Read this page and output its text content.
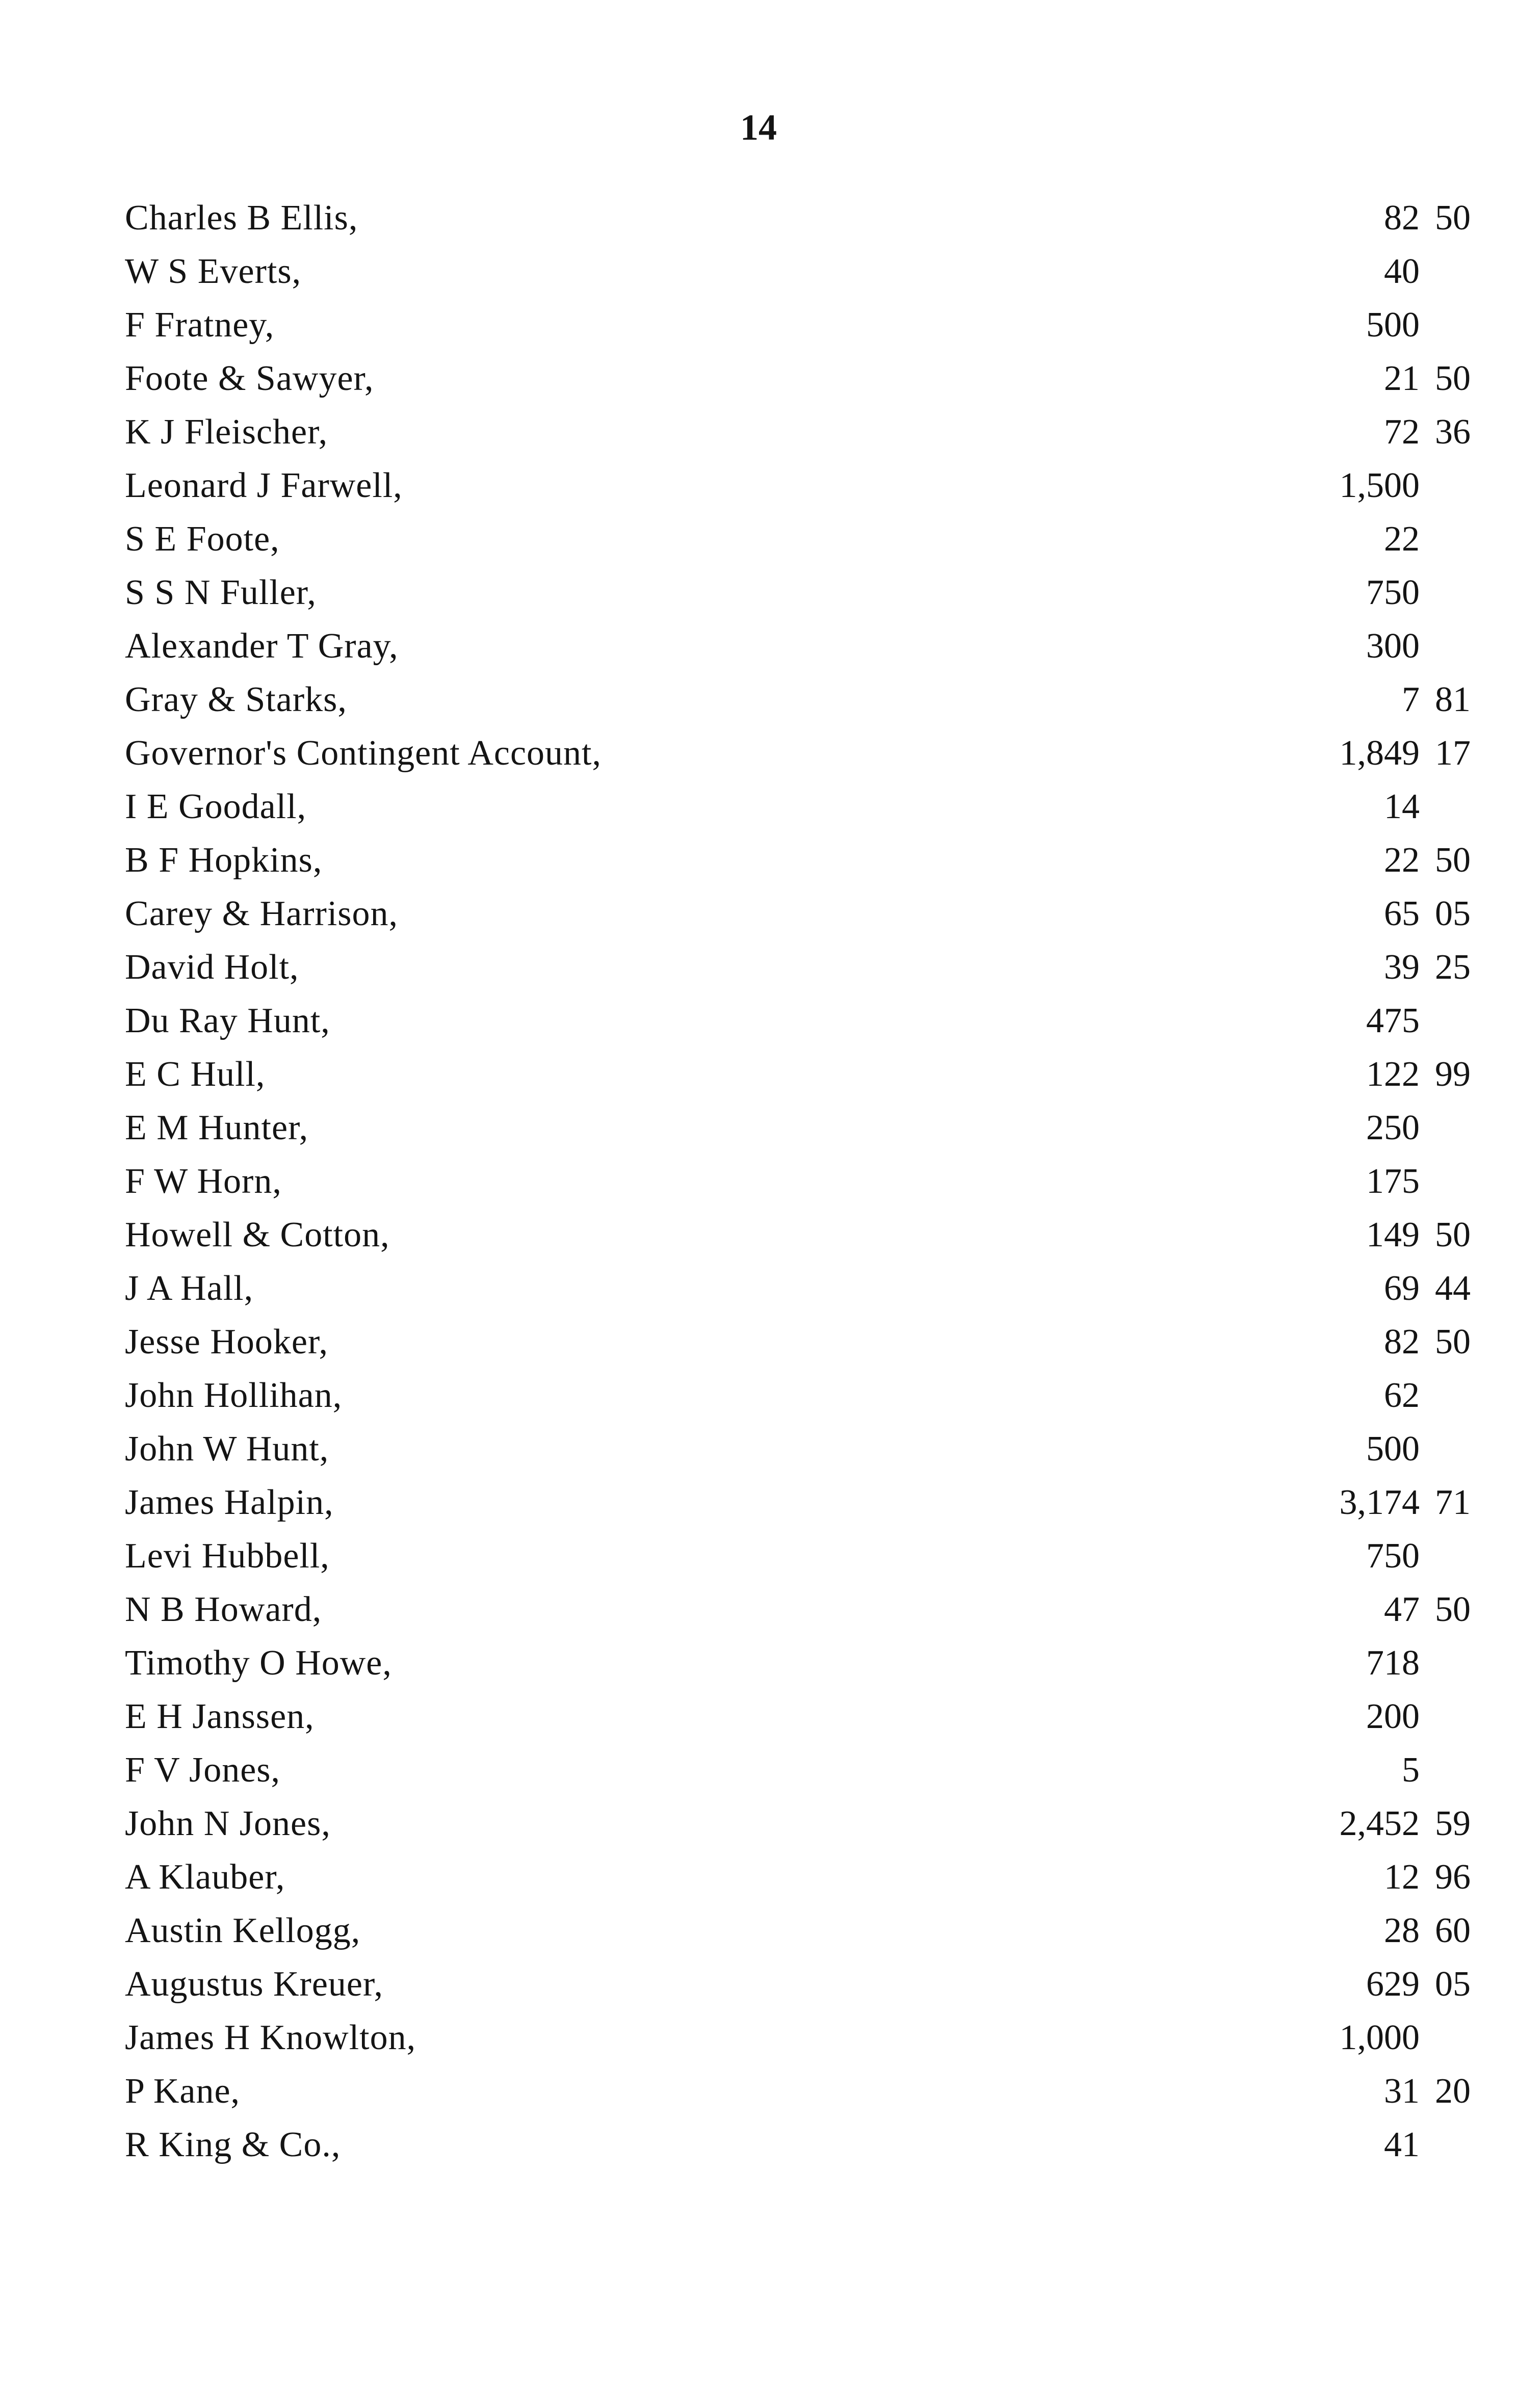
14
Charles B Ellis,	82 50
W S Everts,	40
F Fratney,	500
Foote & Sawyer,	21 50
K J Fleischer,	72 36
Leonard J Farwell,	1,500
S E Foote,	22
S S N Fuller,	750
Alexander T Gray,	300
Gray & Starks,	7 81
Governor's Contingent Account,	1,849 17
I E Goodall,	14
B F Hopkins,	22 50
Carey & Harrison,	65 05
David Holt,	39 25
Du Ray Hunt,	475
E C Hull,	122 99
E M Hunter,	250
F W Horn,	175
Howell & Cotton,	149 50
J A Hall,	69 44
Jesse Hooker,	82 50
John Hollihan,	62
John W Hunt,	500
James Halpin,	3,174 71
Levi Hubbell,	750
N B Howard,	47 50
Timothy O Howe,	718
E H Janssen,	200
F V Jones,	5
John N Jones,	2,452 59
A Klauber,	12 96
Austin Kellogg,	28 60
Augustus Kreuer,	629 05
James H Knowlton,	1,000
P Kane,	31 20
R King & Co.,	41
